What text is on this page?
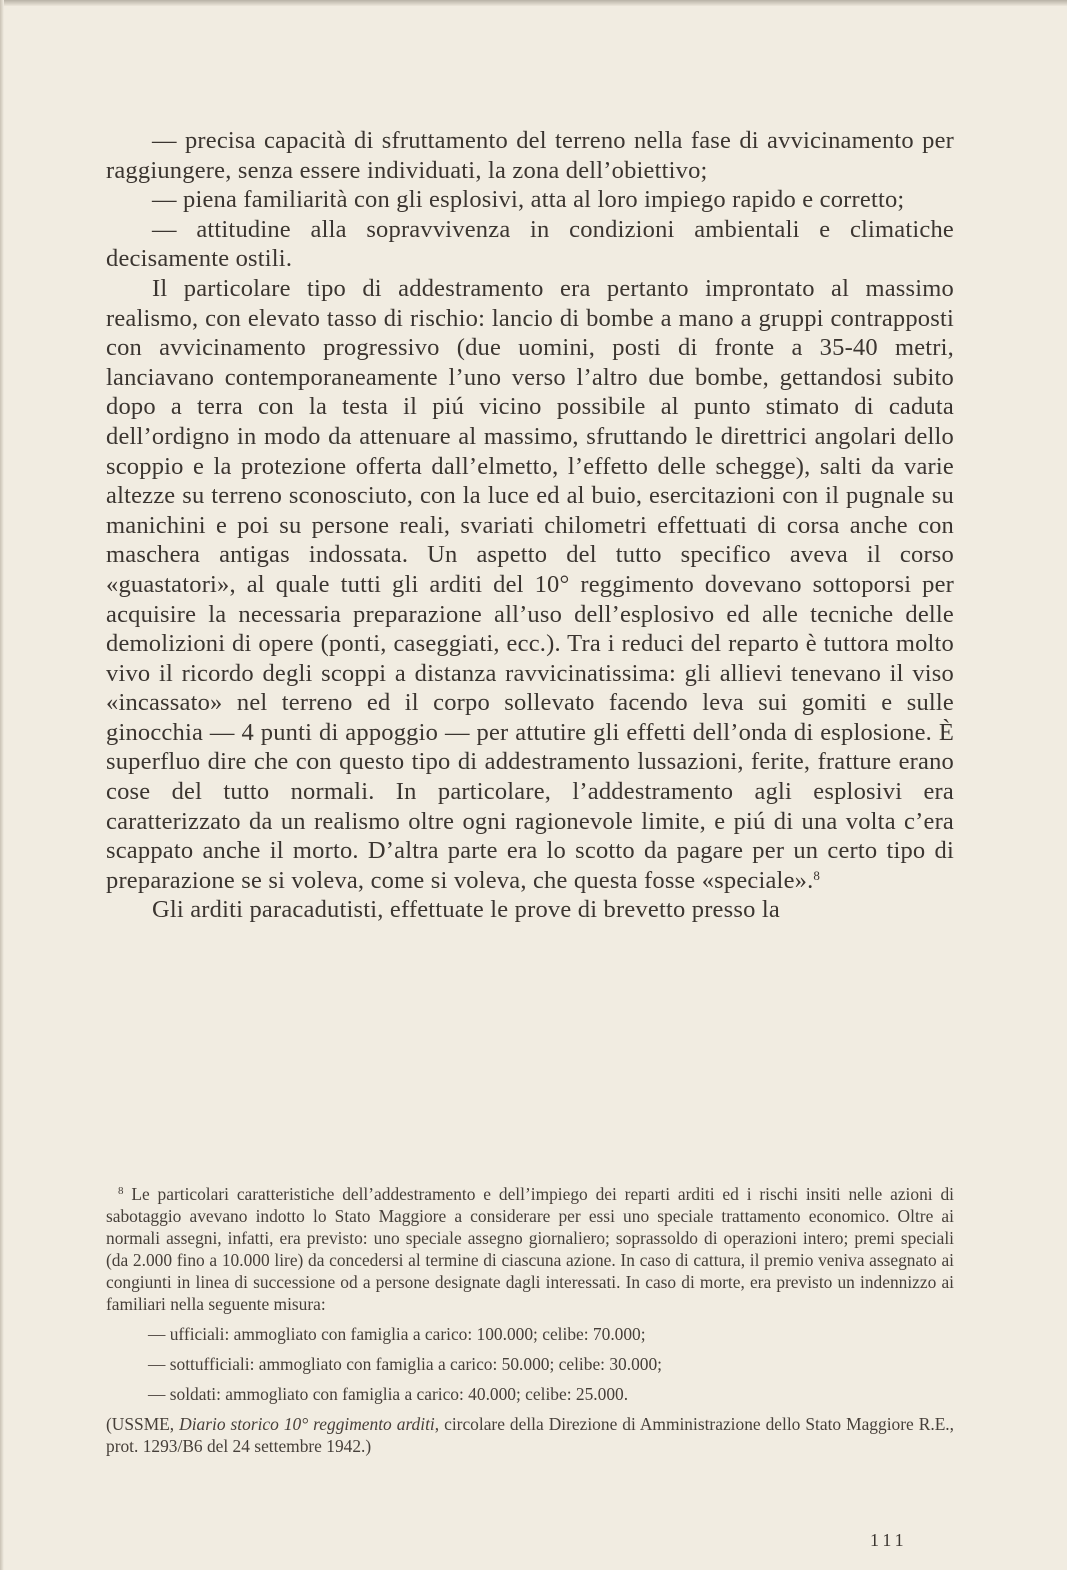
— precisa capacità di sfruttamento del terreno nella fase di avvicinamento per raggiungere, senza essere individuati, la zona dell’obiettivo;

— piena familiarità con gli esplosivi, atta al loro impiego rapido e corretto;

— attitudine alla sopravvivenza in condizioni ambientali e climatiche decisamente ostili.

Il particolare tipo di addestramento era pertanto improntato al massimo realismo, con elevato tasso di rischio: lancio di bombe a mano a gruppi contrapposti con avvicinamento progressivo (due uomini, posti di fronte a 35-40 metri, lanciavano contemporaneamente l’uno verso l’altro due bombe, gettandosi subito dopo a terra con la testa il piú vicino possibile al punto stimato di caduta dell’ordigno in modo da attenuare al massimo, sfruttando le direttrici angolari dello scoppio e la protezione offerta dall’elmetto, l’effetto delle schegge), salti da varie altezze su terreno sconosciuto, con la luce ed al buio, esercitazioni con il pugnale su manichini e poi su persone reali, svariati chilometri effettuati di corsa anche con maschera antigas indossata. Un aspetto del tutto specifico aveva il corso «guastatori», al quale tutti gli arditi del 10° reggimento dovevano sottoporsi per acquisire la necessaria preparazione all’uso dell’esplosivo ed alle tecniche delle demolizioni di opere (ponti, caseggiati, ecc.). Tra i reduci del reparto è tuttora molto vivo il ricordo degli scoppi a distanza ravvicinatissima: gli allievi tenevano il viso «incassato» nel terreno ed il corpo sollevato facendo leva sui gomiti e sulle ginocchia — 4 punti di appoggio — per attutire gli effetti dell’onda di esplosione. È superfluo dire che con questo tipo di addestramento lussazioni, ferite, fratture erano cose del tutto normali. In particolare, l’addestramento agli esplosivi era caratterizzato da un realismo oltre ogni ragionevole limite, e piú di una volta c’era scappato anche il morto. D’altra parte era lo scotto da pagare per un certo tipo di preparazione se si voleva, come si voleva, che questa fosse «speciale».$^8$

Gli arditi paracadutisti, effettuate le prove di brevetto presso la

$^8$ Le particolari caratteristiche dell’addestramento e dell’impiego dei reparti arditi ed i rischi insiti nelle azioni di sabotaggio avevano indotto lo Stato Maggiore a considerare per essi uno speciale trattamento economico. Oltre ai normali assegni, infatti, era previsto: uno speciale assegno giornaliero; soprassoldo di operazioni intero; premi speciali (da 2.000 fino a 10.000 lire) da concedersi al termine di ciascuna azione. In caso di cattura, il premio veniva assegnato ai congiunti in linea di successione od a persone designate dagli interessati. In caso di morte, era previsto un indennizzo ai familiari nella seguente misura:

— ufficiali: ammogliato con famiglia a carico: 100.000; celibe: 70.000;

— sottufficiali: ammogliato con famiglia a carico: 50.000; celibe: 30.000;

— soldati: ammogliato con famiglia a carico: 40.000; celibe: 25.000.

(USSME, Diario storico 10° reggimento arditi, circolare della Direzione di Amministrazione dello Stato Maggiore R.E., prot. 1293/B6 del 24 settembre 1942.)

111
